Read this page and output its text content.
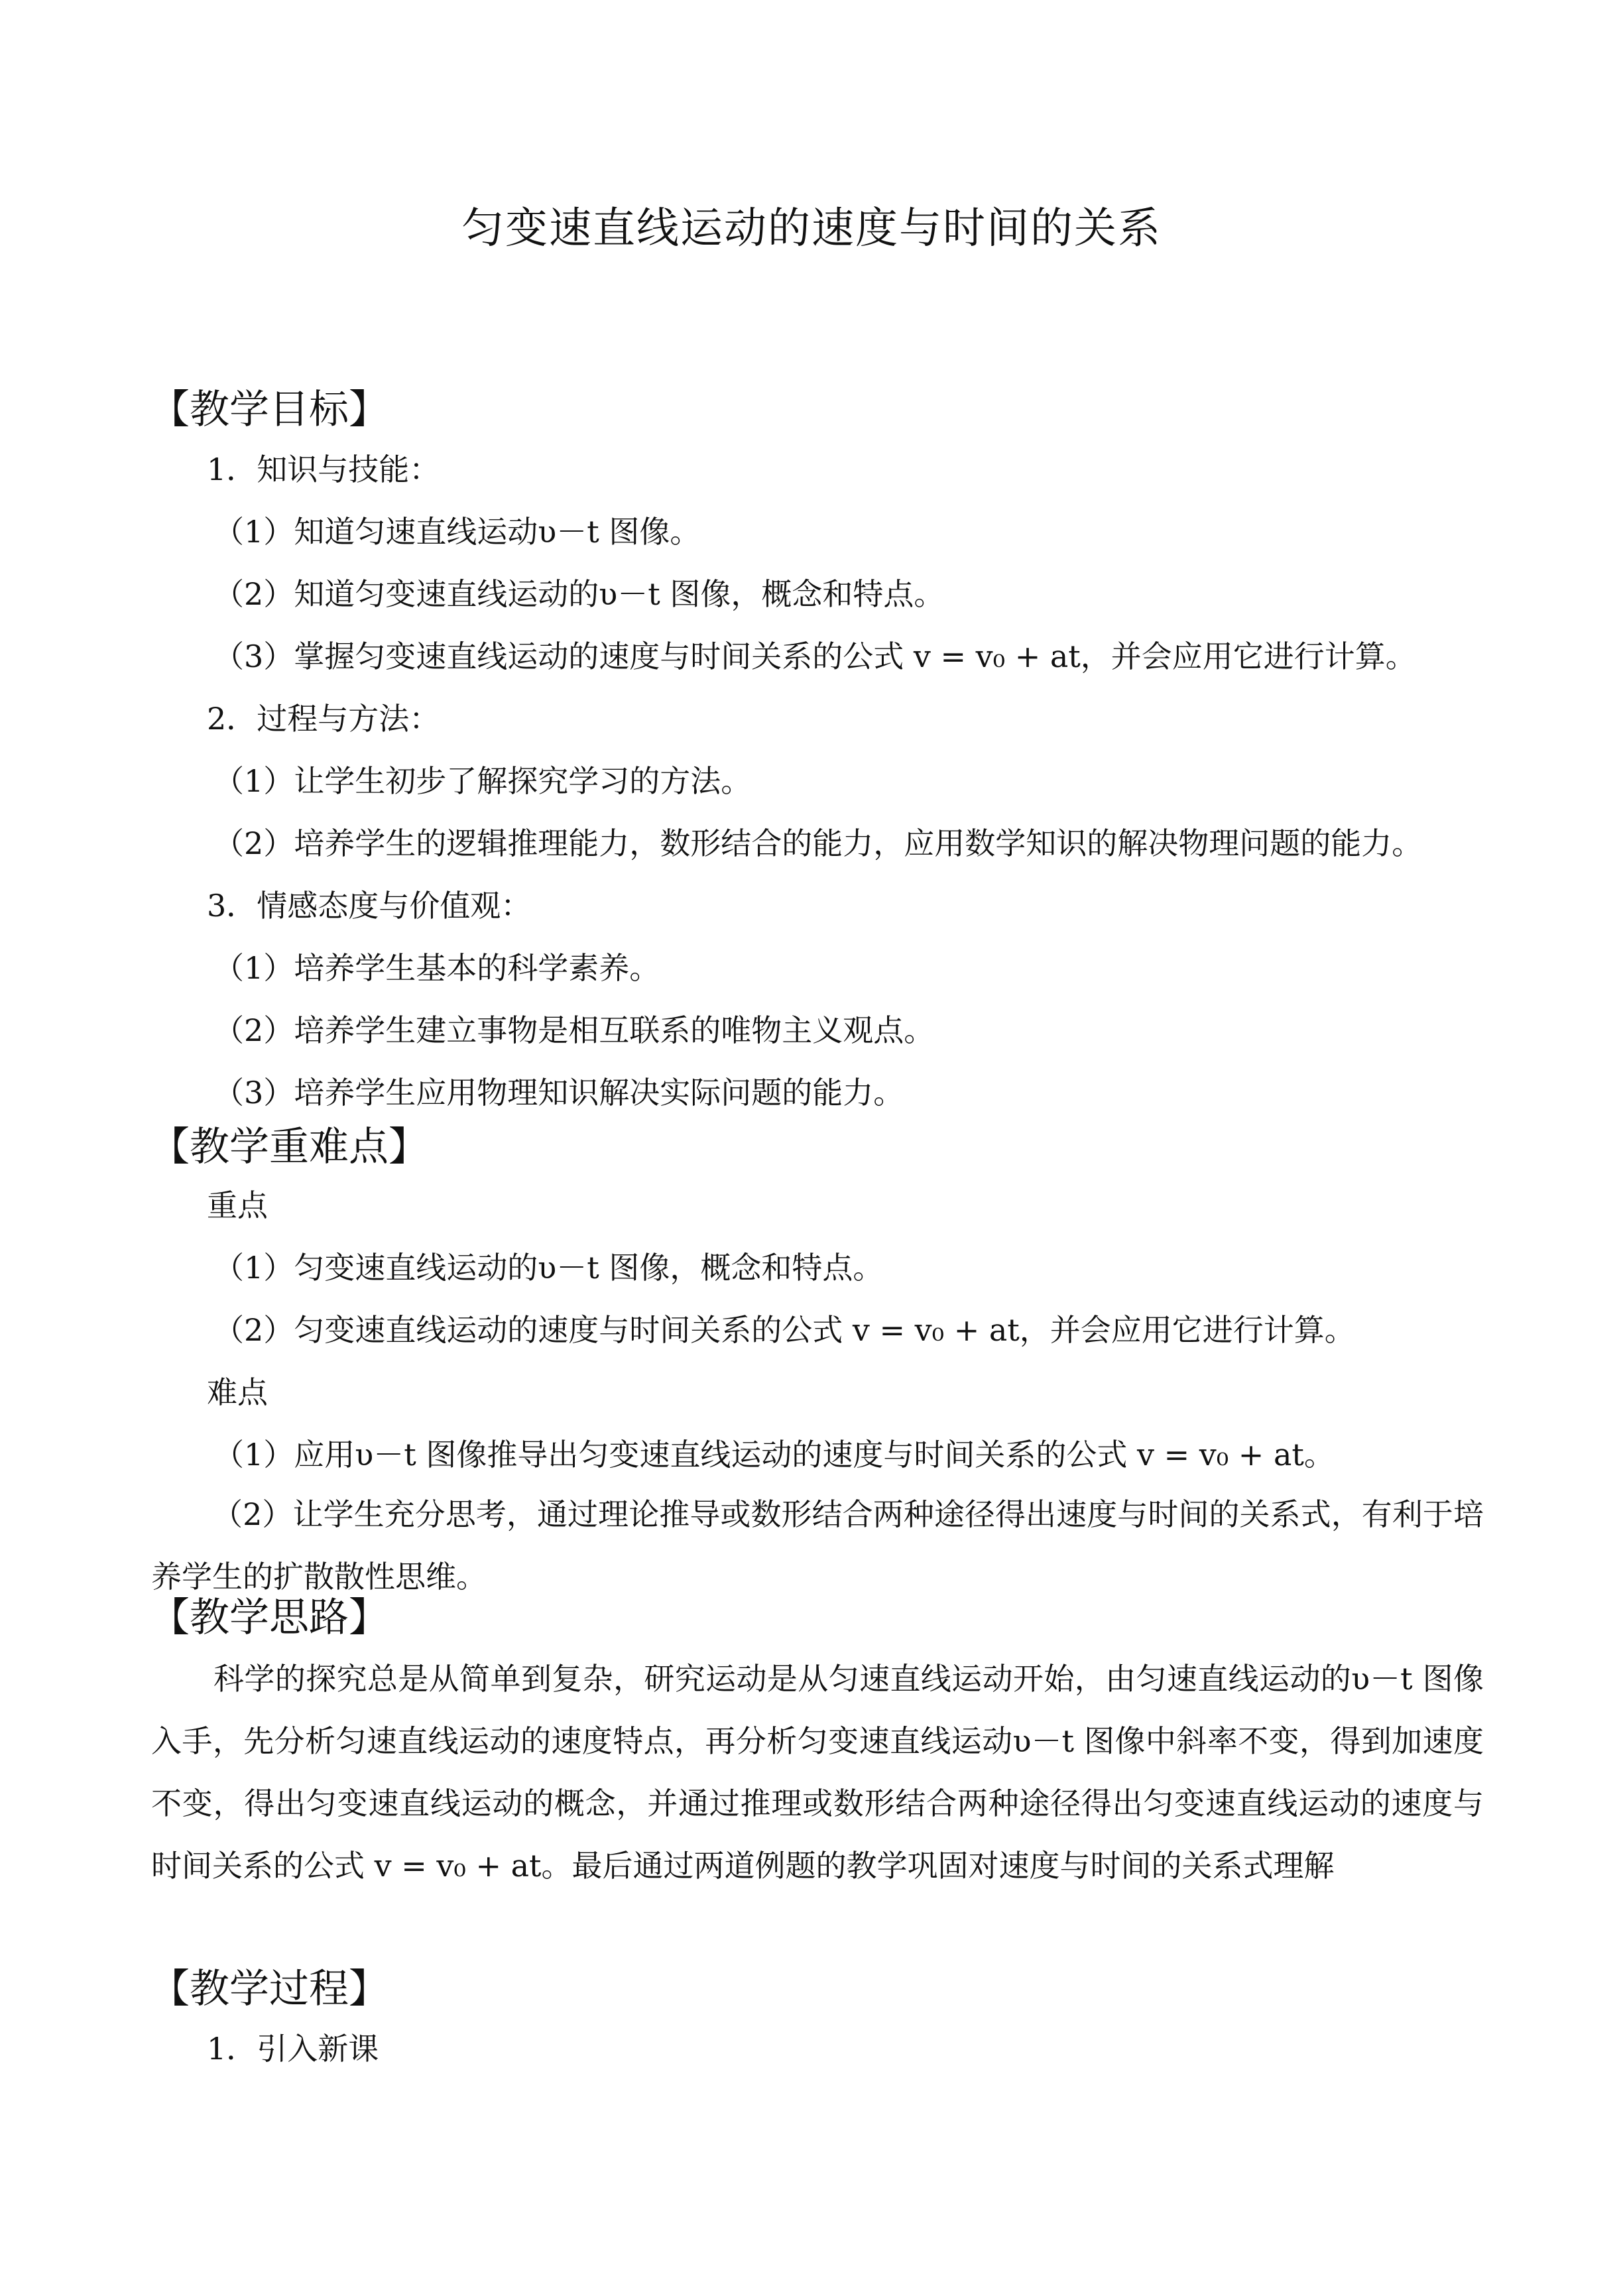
匀变速直线运动的速度与时间的关系
【教学目标】
1．知识与技能：
（1）知道匀速直线运动υ－t 图像。
（2）知道匀变速直线运动的υ－t 图像，概念和特点。
（3）掌握匀变速直线运动的速度与时间关系的公式 v = v₀ + at，并会应用它进行计算。
2．过程与方法：
（1）让学生初步了解探究学习的方法。
（2）培养学生的逻辑推理能力，数形结合的能力，应用数学知识的解决物理问题的能力。
3．情感态度与价值观：
（1）培养学生基本的科学素养。
（2）培养学生建立事物是相互联系的唯物主义观点。
（3）培养学生应用物理知识解决实际问题的能力。
【教学重难点】
重点
（1）匀变速直线运动的υ－t 图像，概念和特点。
（2）匀变速直线运动的速度与时间关系的公式 v = v₀ + at，并会应用它进行计算。
难点
（1）应用υ－t 图像推导出匀变速直线运动的速度与时间关系的公式 v = v₀ + at。
（2）让学生充分思考，通过理论推导或数形结合两种途径得出速度与时间的关系式，有利于培养学生的扩散散性思维。
【教学思路】
科学的探究总是从简单到复杂，研究运动是从匀速直线运动开始，由匀速直线运动的υ－t 图像入手，先分析匀速直线运动的速度特点，再分析匀变速直线运动υ－t 图像中斜率不变，得到加速度不变，得出匀变速直线运动的概念，并通过推理或数形结合两种途径得出匀变速直线运动的速度与时间关系的公式 v = v₀ + at。最后通过两道例题的教学巩固对速度与时间的关系式理解
【教学过程】
1．引入新课
